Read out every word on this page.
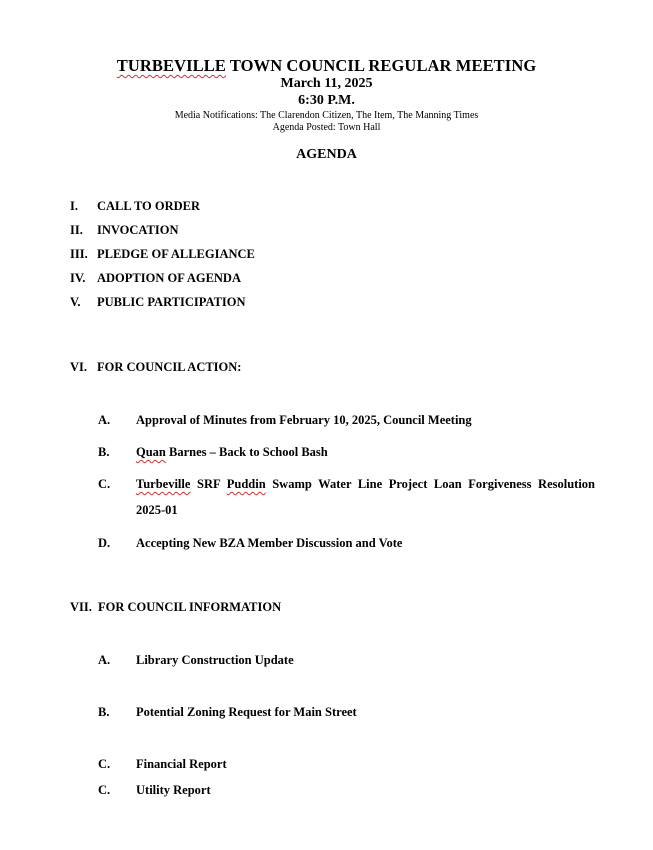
TURBEVILLE TOWN COUNCIL REGULAR MEETING
March 11, 2025
6:30 P.M.
Media Notifications: The Clarendon Citizen, The Item, The Manning Times
Agenda Posted: Town Hall
AGENDA
I. CALL TO ORDER
II. INVOCATION
III. PLEDGE OF ALLEGIANCE
IV. ADOPTION OF AGENDA
V. PUBLIC PARTICIPATION
VI. FOR COUNCIL ACTION:
A. Approval of Minutes from February 10, 2025, Council Meeting
B. Quan Barnes – Back to School Bash
C. Turbeville SRF Puddin Swamp Water Line Project Loan Forgiveness Resolution
2025-01
D. Accepting New BZA Member Discussion and Vote
VII. FOR COUNCIL INFORMATION
A. Library Construction Update
B. Potential Zoning Request for Main Street
C. Financial Report
C. Utility Report
